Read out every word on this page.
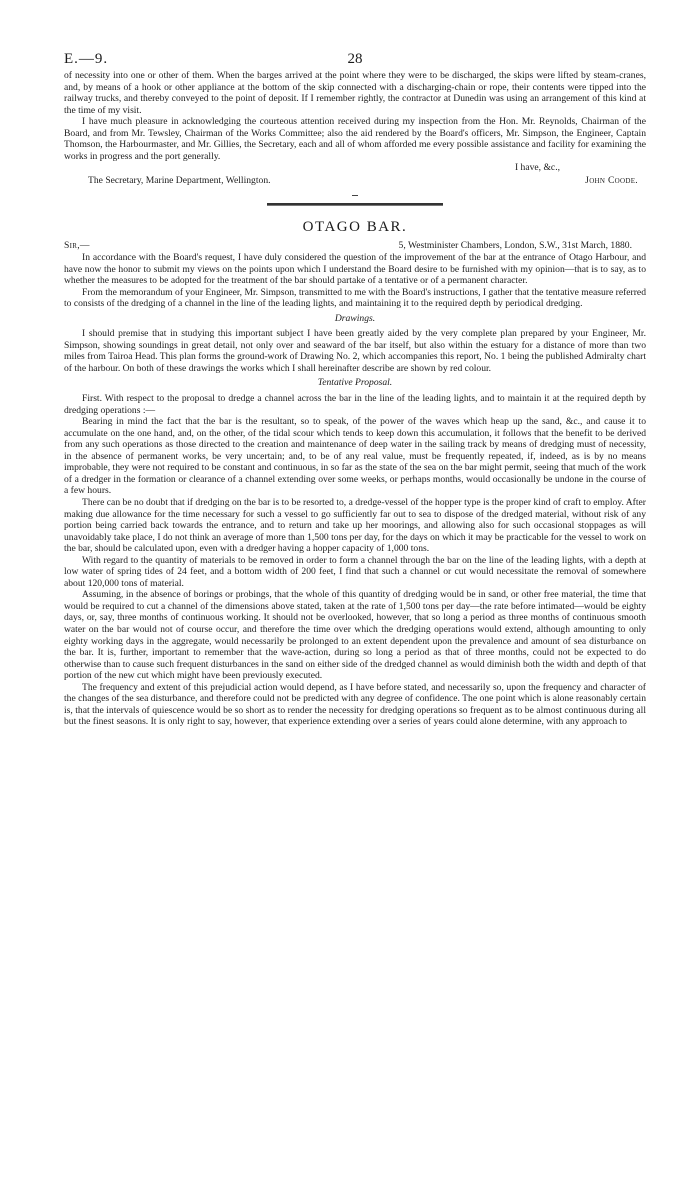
E.—9.	28

of necessity into one or other of them. When the barges arrived at the point where they were to be discharged, the skips were lifted by steam-cranes, and, by means of a hook or other appliance at the bottom of the skip connected with a discharging-chain or rope, their contents were tipped into the railway trucks, and thereby conveyed to the point of deposit. If I remember rightly, the contractor at Dunedin was using an arrangement of this kind at the time of my visit.

I have much pleasure in acknowledging the courteous attention received during my inspection from the Hon. Mr. Reynolds, Chairman of the Board, and from Mr. Tewsley, Chairman of the Works Committee; also the aid rendered by the Board's officers, Mr. Simpson, the Engineer, Captain Thomson, the Harbourmaster, and Mr. Gillies, the Secretary, each and all of whom afforded me every possible assistance and facility for examining the works in progress and the port generally.

I have, &c.,

The Secretary, Marine Department, Wellington.	John Coode.
OTAGO BAR.
Sir,—	5, Westminister Chambers, London, S.W., 31st March, 1880.

In accordance with the Board's request, I have duly considered the question of the improvement of the bar at the entrance of Otago Harbour, and have now the honor to submit my views on the points upon which I understand the Board desire to be furnished with my opinion—that is to say, as to whether the measures to be adopted for the treatment of the bar should partake of a tentative or of a permanent character.

From the memorandum of your Engineer, Mr. Simpson, transmitted to me with the Board's instructions, I gather that the tentative measure referred to consists of the dredging of a channel in the line of the leading lights, and maintaining it to the required depth by periodical dredging.

Drawings.

I should premise that in studying this important subject I have been greatly aided by the very complete plan prepared by your Engineer, Mr. Simpson, showing soundings in great detail, not only over and seaward of the bar itself, but also within the estuary for a distance of more than two miles from Tairoa Head. This plan forms the ground-work of Drawing No. 2, which accompanies this report, No. 1 being the published Admiralty chart of the harbour. On both of these drawings the works which I shall hereinafter describe are shown by red colour.

Tentative Proposal.

First. With respect to the proposal to dredge a channel across the bar in the line of the leading lights, and to maintain it at the required depth by dredging operations :—

Bearing in mind the fact that the bar is the resultant, so to speak, of the power of the waves which heap up the sand, &c., and cause it to accumulate on the one hand, and, on the other, of the tidal scour which tends to keep down this accumulation, it follows that the benefit to be derived from any such operations as those directed to the creation and maintenance of deep water in the sailing track by means of dredging must of necessity, in the absence of permanent works, be very uncertain; and, to be of any real value, must be frequently repeated, if, indeed, as is by no means improbable, they were not required to be constant and continuous, in so far as the state of the sea on the bar might permit, seeing that much of the work of a dredger in the formation or clearance of a channel extending over some weeks, or perhaps months, would occasionally be undone in the course of a few hours.

There can be no doubt that if dredging on the bar is to be resorted to, a dredge-vessel of the hopper type is the proper kind of craft to employ. After making due allowance for the time necessary for such a vessel to go sufficiently far out to sea to dispose of the dredged material, without risk of any portion being carried back towards the entrance, and to return and take up her moorings, and allowing also for such occasional stoppages as will unavoidably take place, I do not think an average of more than 1,500 tons per day, for the days on which it may be practicable for the vessel to work on the bar, should be calculated upon, even with a dredger having a hopper capacity of 1,000 tons.

With regard to the quantity of materials to be removed in order to form a channel through the bar on the line of the leading lights, with a depth at low water of spring tides of 24 feet, and a bottom width of 200 feet, I find that such a channel or cut would necessitate the removal of somewhere about 120,000 tons of material.

Assuming, in the absence of borings or probings, that the whole of this quantity of dredging would be in sand, or other free material, the time that would be required to cut a channel of the dimensions above stated, taken at the rate of 1,500 tons per day—the rate before intimated—would be eighty days, or, say, three months of continuous working. It should not be overlooked, however, that so long a period as three months of continuous smooth water on the bar would not of course occur, and therefore the time over which the dredging operations would extend, although amounting to only eighty working days in the aggregate, would necessarily be prolonged to an extent dependent upon the prevalence and amount of sea disturbance on the bar. It is, further, important to remember that the wave-action, during so long a period as that of three months, could not be expected to do otherwise than to cause such frequent disturbances in the sand on either side of the dredged channel as would diminish both the width and depth of that portion of the new cut which might have been previously executed.

The frequency and extent of this prejudicial action would depend, as I have before stated, and necessarily so, upon the frequency and character of the changes of the sea disturbance, and therefore could not be predicted with any degree of confidence. The one point which is alone reasonably certain is, that the intervals of quiescence would be so short as to render the necessity for dredging operations so frequent as to be almost continuous during all but the finest seasons. It is only right to say, however, that experience extending over a series of years could alone determine, with any approach to
